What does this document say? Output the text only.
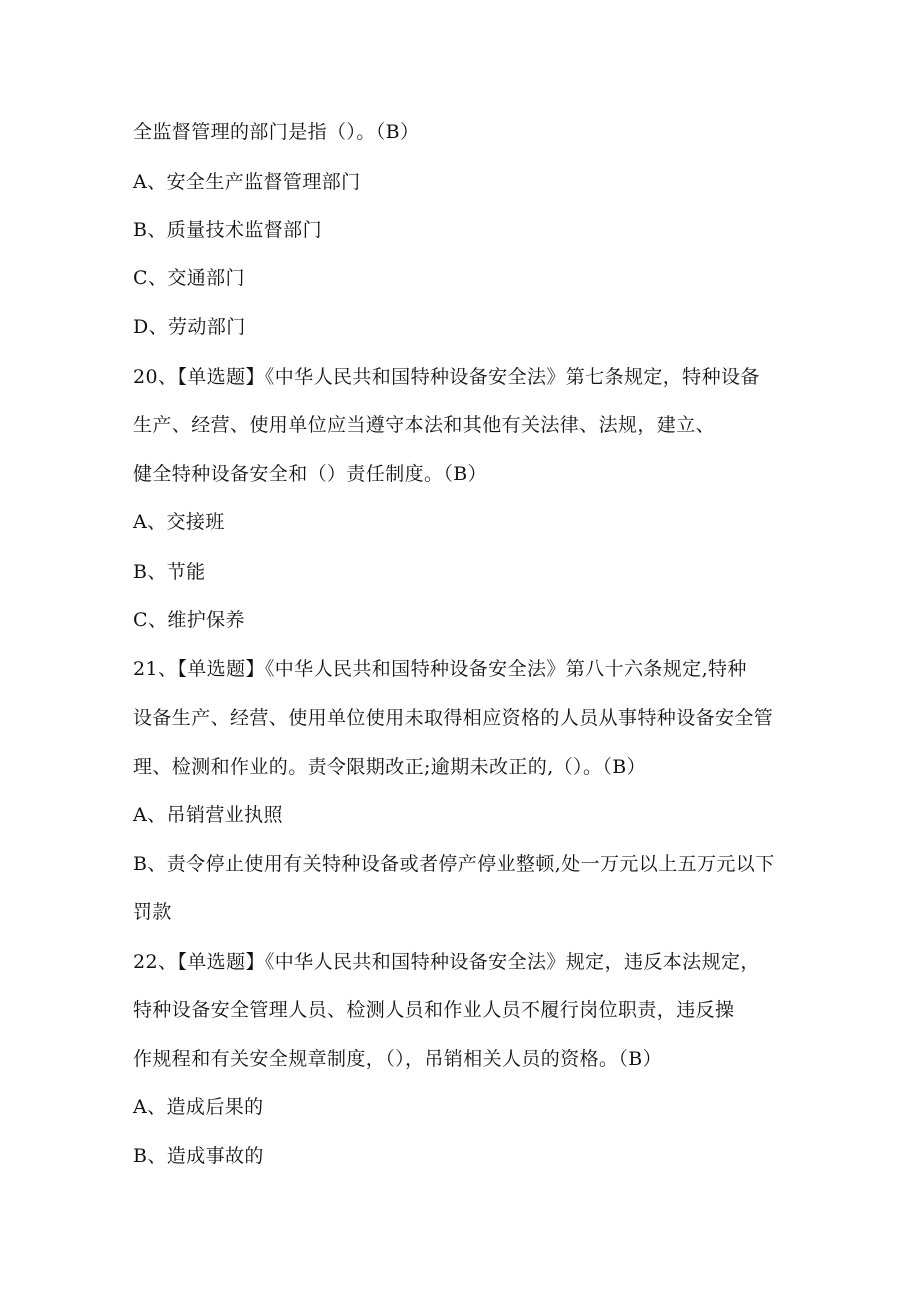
全监督管理的部门是指（）。（B）
A、安全生产监督管理部门
B、质量技术监督部门
C、交通部门
D、劳动部门
20、【单选题】《中华人民共和国特种设备安全法》第七条规定，特种设备
生产、经营、使用单位应当遵守本法和其他有关法律、法规，建立、
健全特种设备安全和（）责任制度。（B）
A、交接班
B、节能
C、维护保养
21、【单选题】《中华人民共和国特种设备安全法》第八十六条规定,特种
设备生产、经营、使用单位使用未取得相应资格的人员从事特种设备安全管
理、检测和作业的。责令限期改正;逾期未改正的,（）。（B）
A、吊销营业执照
B、责令停止使用有关特种设备或者停产停业整顿,处一万元以上五万元以下
罚款
22、【单选题】《中华人民共和国特种设备安全法》规定，违反本法规定，
特种设备安全管理人员、检测人员和作业人员不履行岗位职责，违反操
作规程和有关安全规章制度，（），吊销相关人员的资格。（B）
A、造成后果的
B、造成事故的
